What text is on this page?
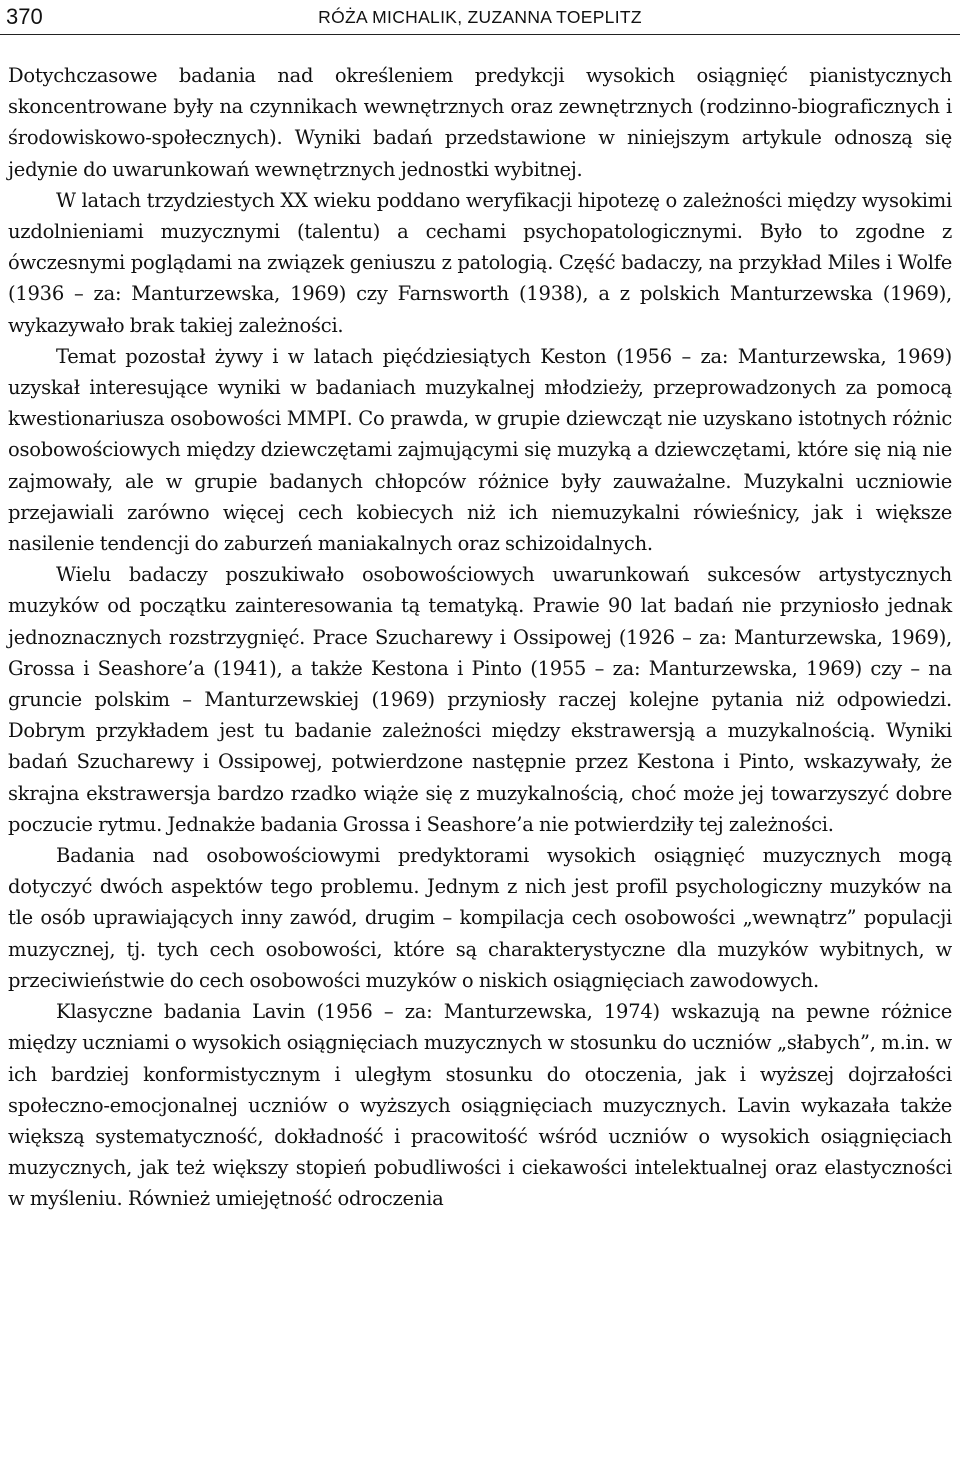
370	RÓŻA MICHALIK, ZUZANNA TOEPLITZ

Dotychczasowe badania nad określeniem predykcji wysokich osiągnięć pianistycznych skoncentrowane były na czynnikach wewnętrznych oraz zewnętrznych (rodzinno-biograficznych i środowiskowo-społecznych). Wyniki badań przedstawione w niniejszym artykule odnoszą się jedynie do uwarunkowań wewnętrznych jednostki wybitnej.

W latach trzydziestych XX wieku poddano weryfikacji hipotezę o zależności między wysokimi uzdolnieniami muzycznymi (talentu) a cechami psychopatologicznymi. Było to zgodne z ówczesnymi poglądami na związek geniuszu z patologią. Część badaczy, na przykład Miles i Wolfe (1936 – za: Manturzewska, 1969) czy Farnsworth (1938), a z polskich Manturzewska (1969), wykazywało brak takiej zależności.

Temat pozostał żywy i w latach pięćdziesiątych Keston (1956 – za: Manturzewska, 1969) uzyskał interesujące wyniki w badaniach muzykalnej młodzieży, przeprowadzonych za pomocą kwestionariusza osobowości MMPI. Co prawda, w grupie dziewcząt nie uzyskano istotnych różnic osobowościowych między dziewczętami zajmującymi się muzyką a dziewczętami, które się nią nie zajmowały, ale w grupie badanych chłopców różnice były zauważalne. Muzykalni uczniowie przejawiali zarówno więcej cech kobiecych niż ich niemuzykalni rówieśnicy, jak i większe nasilenie tendencji do zaburzeń maniakalnych oraz schizoidalnych.

Wielu badaczy poszukiwało osobowościowych uwarunkowań sukcesów artystycznych muzyków od początku zainteresowania tą tematyką. Prawie 90 lat badań nie przyniosło jednak jednoznacznych rozstrzygnięć. Prace Szucharewy i Ossipowej (1926 – za: Manturzewska, 1969), Grossa i Seashore’a (1941), a także Kestona i Pinto (1955 – za: Manturzewska, 1969) czy – na gruncie polskim – Manturzewskiej (1969) przyniosły raczej kolejne pytania niż odpowiedzi. Dobrym przykładem jest tu badanie zależności między ekstrawersją a muzykalnością. Wyniki badań Szucharewy i Ossipowej, potwierdzone następnie przez Kestona i Pinto, wskazywały, że skrajna ekstrawersja bardzo rzadko wiąże się z muzykalnością, choć może jej towarzyszyć dobre poczucie rytmu. Jednakże badania Grossa i Seashore’a nie potwierdziły tej zależności.

Badania nad osobowościowymi predyktorami wysokich osiągnięć muzycznych mogą dotyczyć dwóch aspektów tego problemu. Jednym z nich jest profil psychologiczny muzyków na tle osób uprawiających inny zawód, drugim – kompilacja cech osobowości „wewnątrz” populacji muzycznej, tj. tych cech osobowości, które są charakterystyczne dla muzyków wybitnych, w przeciwieństwie do cech osobowości muzyków o niskich osiągnięciach zawodowych.

Klasyczne badania Lavin (1956 – za: Manturzewska, 1974) wskazują na pewne różnice między uczniami o wysokich osiągnięciach muzycznych w stosunku do uczniów „słabych”, m.in. w ich bardziej konformistycznym i uległym stosunku do otoczenia, jak i wyższej dojrzałości społeczno-emocjonalnej uczniów o wyższych osiągnięciach muzycznych. Lavin wykazała także większą systematyczność, dokładność i pracowitość wśród uczniów o wysokich osiągnięciach muzycznych, jak też większy stopień pobudliwości i ciekawości intelektualnej oraz elastyczności w myśleniu. Również umiejętność odroczenia
